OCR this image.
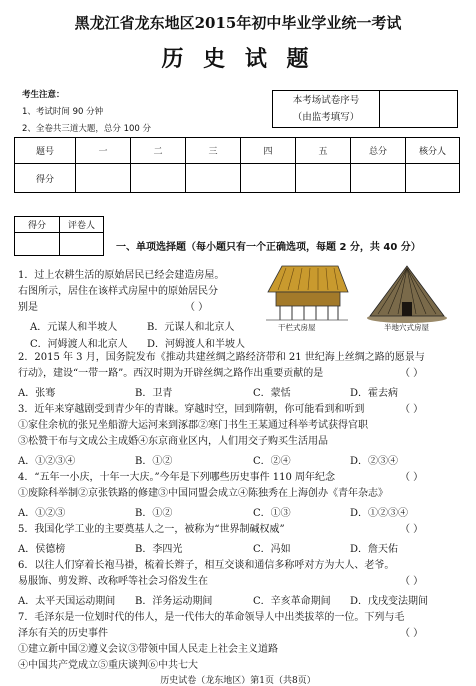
黑龙江省龙东地区2015年初中毕业学业统一考试
历 史 试 题
考生注意：
1、考试时间 90 分钟
2、全卷共三道大题，总分 100 分
本考场试卷序号
（由监考填写）

题号	一	二	三	四	五	总分	核分人
得分							
得分	评卷人

一、单项选择题（每小题只有一个正确选项，每题 2 分，共 40 分）
1．过上农耕生活的原始居民已经会建造房屋。
右图所示，居住在该样式房屋中的原始居民分
别是	（ ）
A．元谋人和半坡人	B．元谋人和北京人
C．河姆渡人和北京人 D．河姆渡人和半坡人
干栏式房屋	半地穴式房屋
2．2015 年 3 月，国务院发布《推动共建丝绸之路经济带和 21 世纪海上丝绸之路的愿景与
行动》，建设“一带一路”。西汉时期为开辟丝绸之路作出重要贡献的是	（ ）
A．张骞	B．卫青	C．蒙恬	D．霍去病
3．近年来穿越剧受到青少年的青睐。穿越时空，回到隋朝，你可能看到和听到	（ ）
①家住余杭的张兄坐船游大运河来到涿郡②寒门书生王某通过科举考试获得官职
③松赞干布与文成公主成婚④东京商业区内，人们用交子购买生活用品
A．①②③④	B．①②	C．②④	D．②③④
4．“五年一小庆，十年一大庆。”今年是下列哪些历史事件 110 周年纪念	（ ）
①废除科举制②京张铁路的修建③中国同盟会成立④陈独秀在上海创办《青年杂志》
A．①②③	B．①②	C．①③	D．①②③④
5．我国化学工业的主要奠基人之一，被称为“世界制碱权威”	（ ）
A．侯德榜	B．李四光	C．冯如	D．詹天佑
6．以往人们穿着长袍马褂，梳着长辫子，相互交谈和通信多称呼对方为大人、老爷。
易服饰、剪发辫、改称呼等社会习俗发生在	（ ）
A．太平天国运动期间 B．洋务运动期间	C．辛亥革命期间 D．戊戌变法期间
7．毛泽东是一位划时代的伟人，是一代伟大的革命领导人中出类拔萃的一位。下列与毛
泽东有关的历史事件	（ ）
①建立新中国②遵义会议③带领中国人民走上社会主义道路
④中国共产党成立⑤重庆谈判⑥中共七大
历史试卷（龙东地区）第1页（共8页）
